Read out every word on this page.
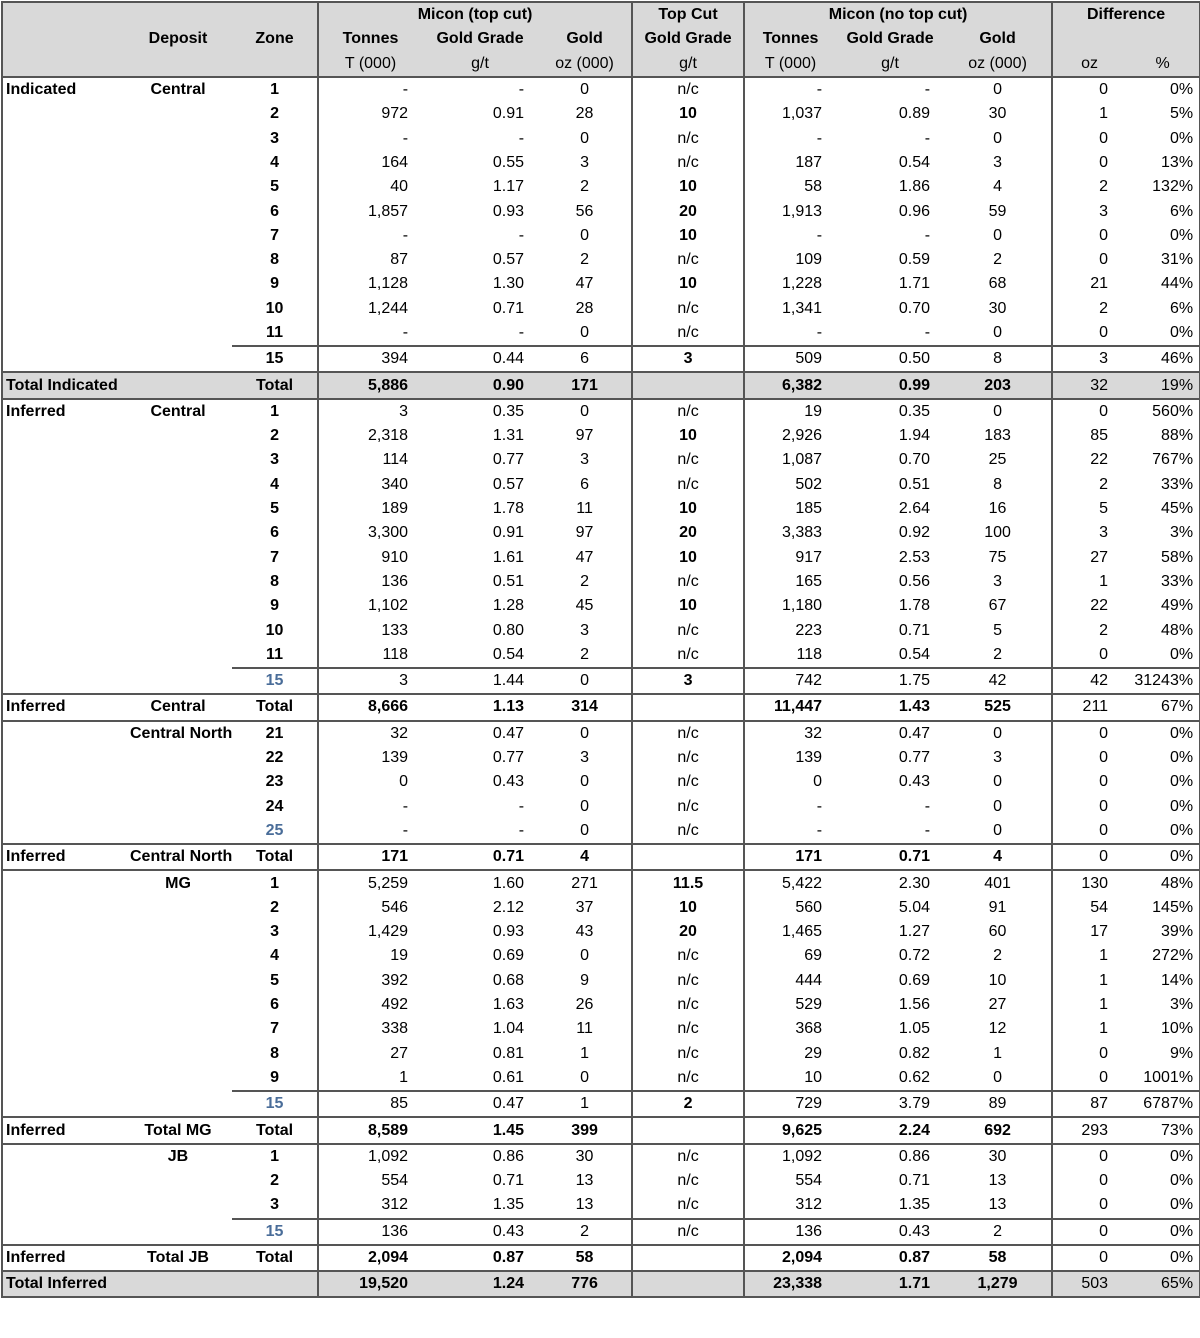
			Micon (top cut)			Top Cut	Micon (no top cut)			Difference	
	Deposit	Zone	Tonnes	Gold Grade	Gold	Gold Grade	Tonnes	Gold Grade	Gold		
			T (000)	g/t	oz (000)	g/t	T (000)	g/t	oz (000)	oz	%
Indicated	Central	1	-	-	0	n/c	-	-	0	0	0%
		2	972	0.91	28	10	1,037	0.89	30	1	5%
		3	-	-	0	n/c	-	-	0	0	0%
		4	164	0.55	3	n/c	187	0.54	3	0	13%
		5	40	1.17	2	10	58	1.86	4	2	132%
		6	1,857	0.93	56	20	1,913	0.96	59	3	6%
		7	-	-	0	10	-	-	0	0	0%
		8	87	0.57	2	n/c	109	0.59	2	0	31%
		9	1,128	1.30	47	10	1,228	1.71	68	21	44%
		10	1,244	0.71	28	n/c	1,341	0.70	30	2	6%
		11	-	-	0	n/c	-	-	0	0	0%
		15	394	0.44	6	3	509	0.50	8	3	46%
Total Indicated		Total	5,886	0.90	171		6,382	0.99	203	32	19%
Inferred	Central	1	3	0.35	0	n/c	19	0.35	0	0	560%
		2	2,318	1.31	97	10	2,926	1.94	183	85	88%
		3	114	0.77	3	n/c	1,087	0.70	25	22	767%
		4	340	0.57	6	n/c	502	0.51	8	2	33%
		5	189	1.78	11	10	185	2.64	16	5	45%
		6	3,300	0.91	97	20	3,383	0.92	100	3	3%
		7	910	1.61	47	10	917	2.53	75	27	58%
		8	136	0.51	2	n/c	165	0.56	3	1	33%
		9	1,102	1.28	45	10	1,180	1.78	67	22	49%
		10	133	0.80	3	n/c	223	0.71	5	2	48%
		11	118	0.54	2	n/c	118	0.54	2	0	0%
		15	3	1.44	0	3	742	1.75	42	42	31243%
Inferred	Central	Total	8,666	1.13	314		11,447	1.43	525	211	67%
	Central North	21	32	0.47	0	n/c	32	0.47	0	0	0%
		22	139	0.77	3	n/c	139	0.77	3	0	0%
		23	0	0.43	0	n/c	0	0.43	0	0	0%
		24	-	-	0	n/c	-	-	0	0	0%
		25	-	-	0	n/c	-	-	0	0	0%
Inferred	Central North	Total	171	0.71	4		171	0.71	4	0	0%
	MG	1	5,259	1.60	271	11.5	5,422	2.30	401	130	48%
		2	546	2.12	37	10	560	5.04	91	54	145%
		3	1,429	0.93	43	20	1,465	1.27	60	17	39%
		4	19	0.69	0	n/c	69	0.72	2	1	272%
		5	392	0.68	9	n/c	444	0.69	10	1	14%
		6	492	1.63	26	n/c	529	1.56	27	1	3%
		7	338	1.04	11	n/c	368	1.05	12	1	10%
		8	27	0.81	1	n/c	29	0.82	1	0	9%
		9	1	0.61	0	n/c	10	0.62	0	0	1001%
		15	85	0.47	1	2	729	3.79	89	87	6787%
Inferred	Total MG	Total	8,589	1.45	399		9,625	2.24	692	293	73%
	JB	1	1,092	0.86	30	n/c	1,092	0.86	30	0	0%
		2	554	0.71	13	n/c	554	0.71	13	0	0%
		3	312	1.35	13	n/c	312	1.35	13	0	0%
		15	136	0.43	2	n/c	136	0.43	2	0	0%
Inferred	Total JB	Total	2,094	0.87	58		2,094	0.87	58	0	0%
Total Inferred			19,520	1.24	776		23,338	1.71	1,279	503	65%
